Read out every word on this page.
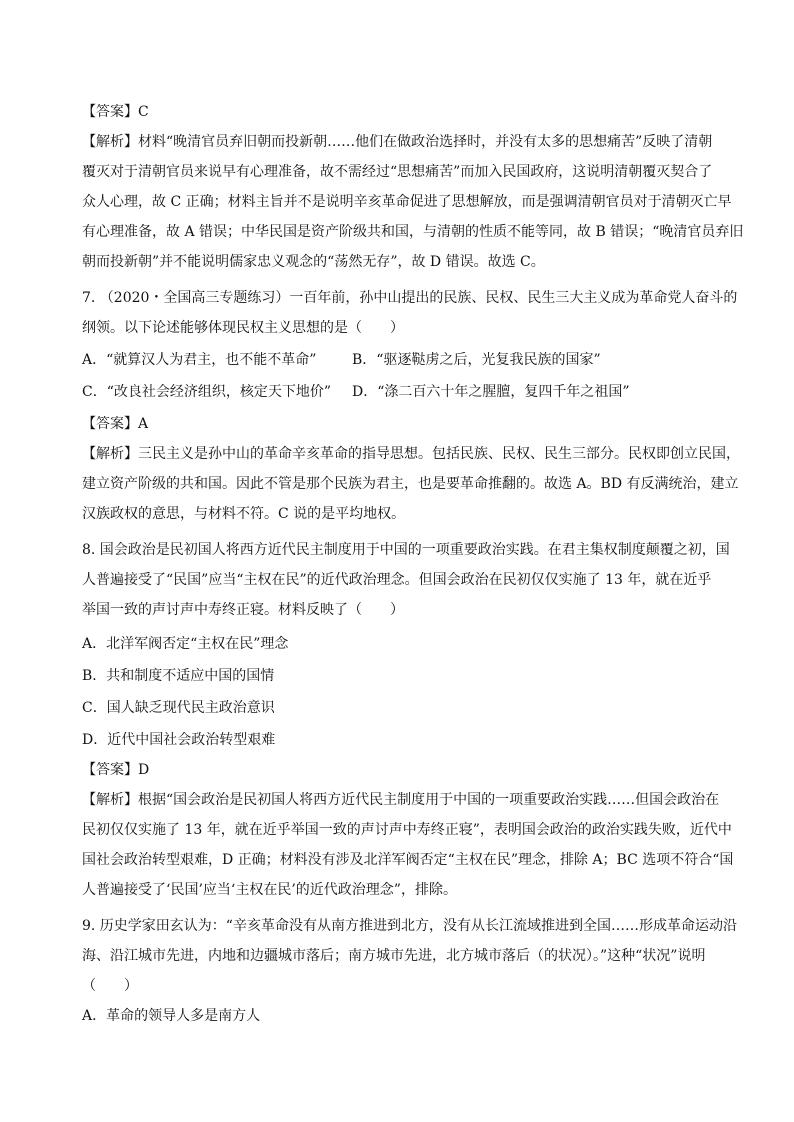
【答案】C
【解析】材料“晚清官员弃旧朝而投新朝……他们在做政治选择时，并没有太多的思想痛苦”反映了清朝
覆灭对于清朝官员来说早有心理准备，故不需经过“思想痛苦”而加入民国政府，这说明清朝覆灭契合了
众人心理，故 C 正确；材料主旨并不是说明辛亥革命促进了思想解放，而是强调清朝官员对于清朝灭亡早
有心理准备，故 A 错误；中华民国是资产阶级共和国，与清朝的性质不能等同，故 B 错误；“晚清官员弃旧
朝而投新朝”并不能说明儒家忠义观念的“荡然无存”，故 D 错误。故选 C。
7. （2020・全国高三专题练习）一百年前，孙中山提出的民族、民权、民生三大主义成为革命党人奋斗的
纲领。以下论述能够体现民权主义思想的是（　　）
【答案】A
【解析】三民主义是孙中山的革命辛亥革命的指导思想。包括民族、民权、民生三部分。民权即创立民国，
建立资产阶级的共和国。因此不管是那个民族为君主，也是要革命推翻的。故选 A。BD 有反满统治，建立
汉族政权的意思，与材料不符。C 说的是平均地权。
8. 国会政治是民初国人将西方近代民主制度用于中国的一项重要政治实践。在君主集权制度颠覆之初，国
人普遍接受了“民国”应当“主权在民”的近代政治理念。但国会政治在民初仅仅实施了 13 年，就在近乎
举国一致的声讨声中寿终正寝。材料反映了（　　）
A．北洋军阀否定“主权在民”理念
B．共和制度不适应中国的国情
C．国人缺乏现代民主政治意识
D．近代中国社会政治转型艰难
【答案】D
【解析】根据“国会政治是民初国人将西方近代民主制度用于中国的一项重要政治实践……但国会政治在
民初仅仅实施了 13 年，就在近乎举国一致的声讨声中寿终正寝”，表明国会政治的政治实践失败，近代中
国社会政治转型艰难，D 正确；材料没有涉及北洋军阀否定“主权在民”理念，排除 A；BC 选项不符合“国
人普遍接受了‘民国’应当‘主权在民’的近代政治理念”，排除。
9. 历史学家田玄认为：“辛亥革命没有从南方推进到北方，没有从长江流域推进到全国……形成革命运动沿
海、沿江城市先进，内地和边疆城市落后；南方城市先进，北方城市落后（的状况）。”这种“状况”说明
（　　）
A．革命的领导人多是南方人
A．“就算汉人为君主，也不能不革命”	B．“驱逐鞑虏之后，光复我民族的国家”
C．“改良社会经济组织，核定天下地价” D．“涤二百六十年之腥膻，复四千年之祖国”
